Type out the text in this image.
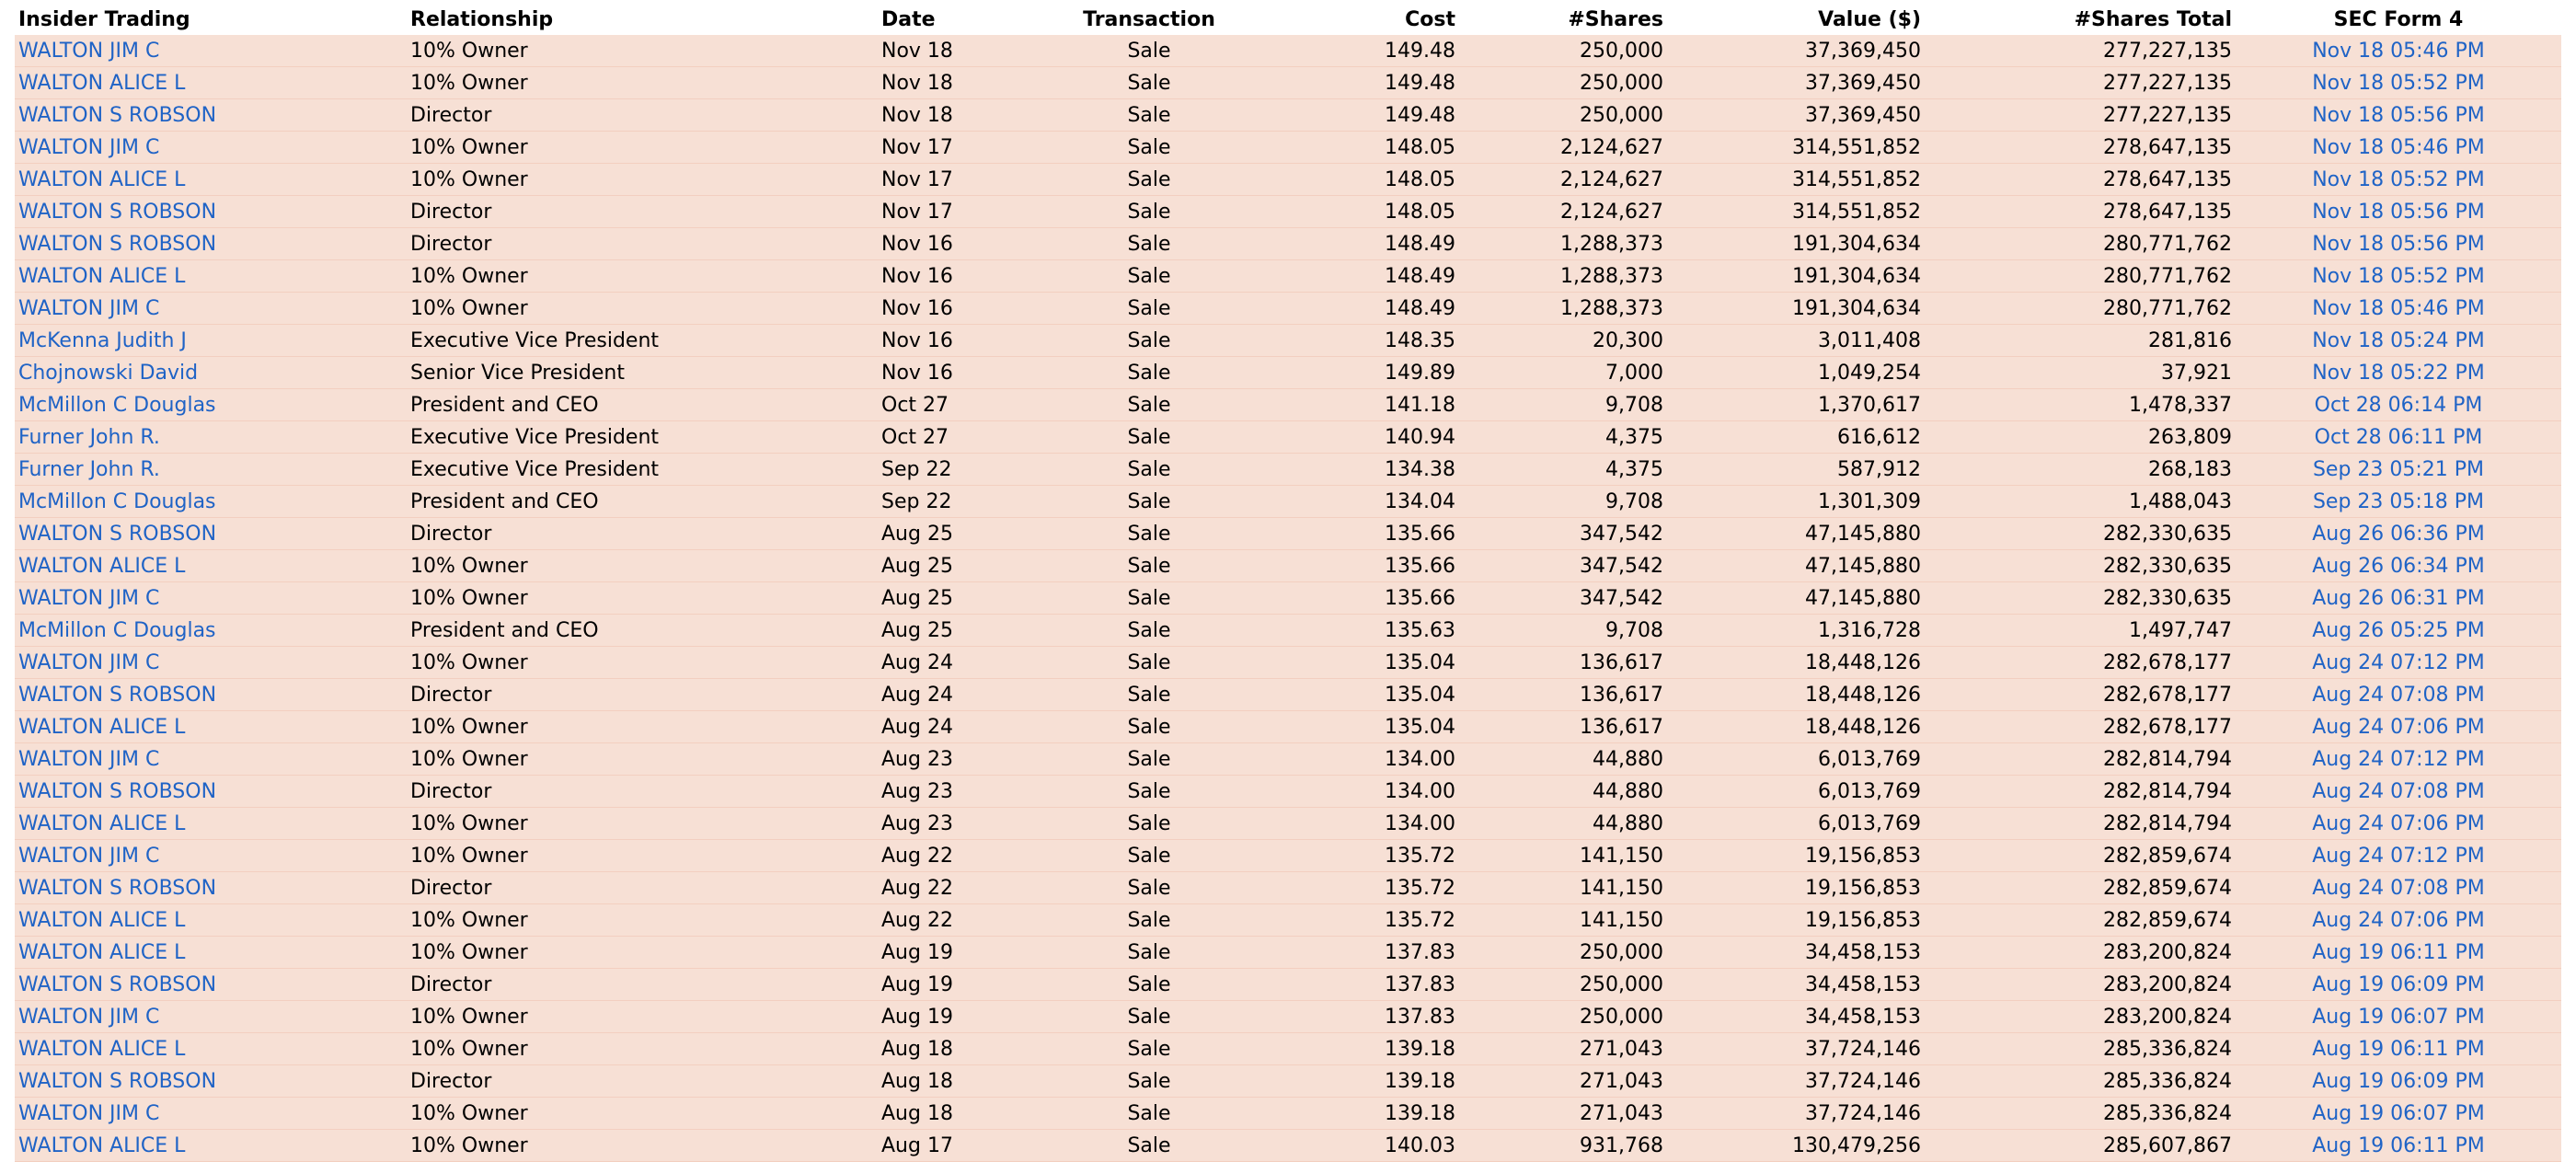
Insider Trading	Relationship	Date	Transaction	Cost	#Shares	Value ($)	#Shares Total	SEC Form 4
WALTON JIM C	10% Owner	Nov 18	Sale	149.48	250,000	37,369,450	277,227,135	Nov 18 05:46 PM
WALTON ALICE L	10% Owner	Nov 18	Sale	149.48	250,000	37,369,450	277,227,135	Nov 18 05:52 PM
WALTON S ROBSON	Director	Nov 18	Sale	149.48	250,000	37,369,450	277,227,135	Nov 18 05:56 PM
WALTON JIM C	10% Owner	Nov 17	Sale	148.05	2,124,627	314,551,852	278,647,135	Nov 18 05:46 PM
WALTON ALICE L	10% Owner	Nov 17	Sale	148.05	2,124,627	314,551,852	278,647,135	Nov 18 05:52 PM
WALTON S ROBSON	Director	Nov 17	Sale	148.05	2,124,627	314,551,852	278,647,135	Nov 18 05:56 PM
WALTON S ROBSON	Director	Nov 16	Sale	148.49	1,288,373	191,304,634	280,771,762	Nov 18 05:56 PM
WALTON ALICE L	10% Owner	Nov 16	Sale	148.49	1,288,373	191,304,634	280,771,762	Nov 18 05:52 PM
WALTON JIM C	10% Owner	Nov 16	Sale	148.49	1,288,373	191,304,634	280,771,762	Nov 18 05:46 PM
McKenna Judith J	Executive Vice President	Nov 16	Sale	148.35	20,300	3,011,408	281,816	Nov 18 05:24 PM
Chojnowski David	Senior Vice President	Nov 16	Sale	149.89	7,000	1,049,254	37,921	Nov 18 05:22 PM
McMillon C Douglas	President and CEO	Oct 27	Sale	141.18	9,708	1,370,617	1,478,337	Oct 28 06:14 PM
Furner John R.	Executive Vice President	Oct 27	Sale	140.94	4,375	616,612	263,809	Oct 28 06:11 PM
Furner John R.	Executive Vice President	Sep 22	Sale	134.38	4,375	587,912	268,183	Sep 23 05:21 PM
McMillon C Douglas	President and CEO	Sep 22	Sale	134.04	9,708	1,301,309	1,488,043	Sep 23 05:18 PM
WALTON S ROBSON	Director	Aug 25	Sale	135.66	347,542	47,145,880	282,330,635	Aug 26 06:36 PM
WALTON ALICE L	10% Owner	Aug 25	Sale	135.66	347,542	47,145,880	282,330,635	Aug 26 06:34 PM
WALTON JIM C	10% Owner	Aug 25	Sale	135.66	347,542	47,145,880	282,330,635	Aug 26 06:31 PM
McMillon C Douglas	President and CEO	Aug 25	Sale	135.63	9,708	1,316,728	1,497,747	Aug 26 05:25 PM
WALTON JIM C	10% Owner	Aug 24	Sale	135.04	136,617	18,448,126	282,678,177	Aug 24 07:12 PM
WALTON S ROBSON	Director	Aug 24	Sale	135.04	136,617	18,448,126	282,678,177	Aug 24 07:08 PM
WALTON ALICE L	10% Owner	Aug 24	Sale	135.04	136,617	18,448,126	282,678,177	Aug 24 07:06 PM
WALTON JIM C	10% Owner	Aug 23	Sale	134.00	44,880	6,013,769	282,814,794	Aug 24 07:12 PM
WALTON S ROBSON	Director	Aug 23	Sale	134.00	44,880	6,013,769	282,814,794	Aug 24 07:08 PM
WALTON ALICE L	10% Owner	Aug 23	Sale	134.00	44,880	6,013,769	282,814,794	Aug 24 07:06 PM
WALTON JIM C	10% Owner	Aug 22	Sale	135.72	141,150	19,156,853	282,859,674	Aug 24 07:12 PM
WALTON S ROBSON	Director	Aug 22	Sale	135.72	141,150	19,156,853	282,859,674	Aug 24 07:08 PM
WALTON ALICE L	10% Owner	Aug 22	Sale	135.72	141,150	19,156,853	282,859,674	Aug 24 07:06 PM
WALTON ALICE L	10% Owner	Aug 19	Sale	137.83	250,000	34,458,153	283,200,824	Aug 19 06:11 PM
WALTON S ROBSON	Director	Aug 19	Sale	137.83	250,000	34,458,153	283,200,824	Aug 19 06:09 PM
WALTON JIM C	10% Owner	Aug 19	Sale	137.83	250,000	34,458,153	283,200,824	Aug 19 06:07 PM
WALTON ALICE L	10% Owner	Aug 18	Sale	139.18	271,043	37,724,146	285,336,824	Aug 19 06:11 PM
WALTON S ROBSON	Director	Aug 18	Sale	139.18	271,043	37,724,146	285,336,824	Aug 19 06:09 PM
WALTON JIM C	10% Owner	Aug 18	Sale	139.18	271,043	37,724,146	285,336,824	Aug 19 06:07 PM
WALTON ALICE L	10% Owner	Aug 17	Sale	140.03	931,768	130,479,256	285,607,867	Aug 19 06:11 PM
